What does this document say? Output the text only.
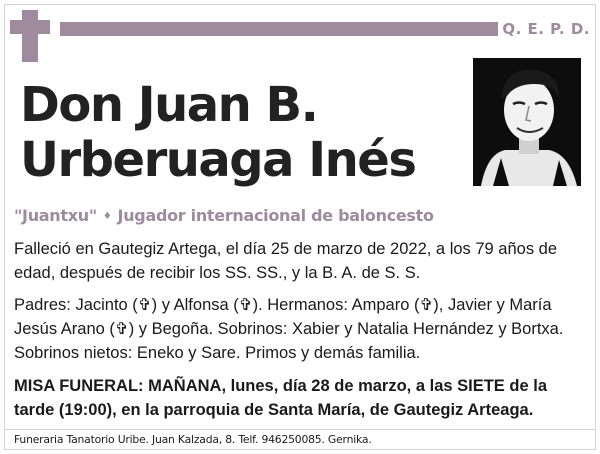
Q. E. P. D.
Don Juan B.
Urberuaga Inés
"Juantxu" ♦ Jugador internacional de baloncesto

Falleció en Gautegiz Artega, el día 25 de marzo de 2022, a los 79 años de edad, después de recibir los SS. SS., y la B. A. de S. S.

Padres: Jacinto (✞) y Alfonsa (✞). Hermanos: Amparo (✞), Javier y María Jesús Arano (✞) y Begoña. Sobrinos: Xabier y Natalia Hernández y Bortxa. Sobrinos nietos: Eneko y Sare. Primos y demás familia.

MISA FUNERAL: MAÑANA, lunes, día 28 de marzo, a las SIETE de la tarde (19:00), en la parroquia de Santa María, de Gautegiz Arteaga.

Funeraria Tanatorio Uribe. Juan Kalzada, 8. Telf. 946250085. Gernika.
